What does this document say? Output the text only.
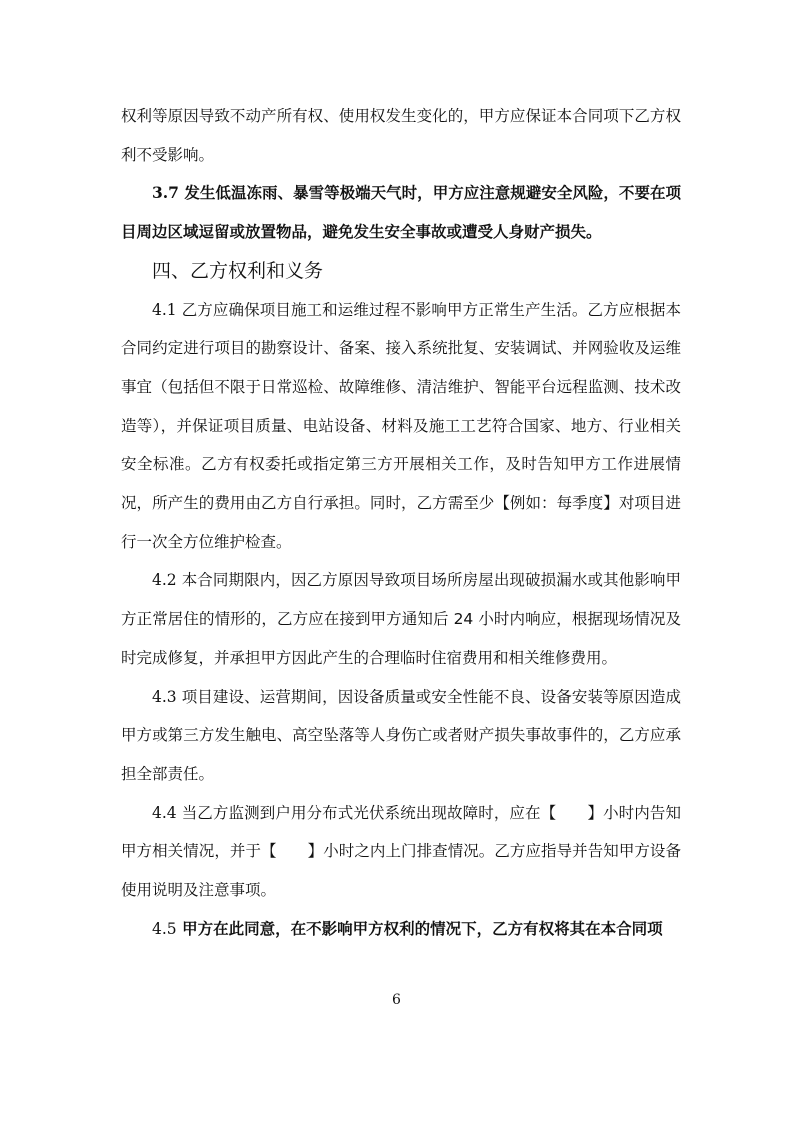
权利等原因导致不动产所有权、使用权发生变化的，甲方应保证本合同项下乙方权利不受影响。

3.7 发生低温冻雨、暴雪等极端天气时，甲方应注意规避安全风险，不要在项目周边区域逗留或放置物品，避免发生安全事故或遭受人身财产损失。

四、乙方权利和义务

4.1 乙方应确保项目施工和运维过程不影响甲方正常生产生活。乙方应根据本合同约定进行项目的勘察设计、备案、接入系统批复、安装调试、并网验收及运维事宜（包括但不限于日常巡检、故障维修、清洁维护、智能平台远程监测、技术改造等），并保证项目质量、电站设备、材料及施工工艺符合国家、地方、行业相关安全标准。乙方有权委托或指定第三方开展相关工作，及时告知甲方工作进展情况，所产生的费用由乙方自行承担。同时，乙方需至少【例如：每季度】对项目进行一次全方位维护检查。

4.2 本合同期限内，因乙方原因导致项目场所房屋出现破损漏水或其他影响甲方正常居住的情形的，乙方应在接到甲方通知后 24 小时内响应，根据现场情况及时完成修复，并承担甲方因此产生的合理临时住宿费用和相关维修费用。

4.3 项目建设、运营期间，因设备质量或安全性能不良、设备安装等原因造成甲方或第三方发生触电、高空坠落等人身伤亡或者财产损失事故事件的，乙方应承担全部责任。

4.4 当乙方监测到户用分布式光伏系统出现故障时，应在【　　】小时内告知甲方相关情况，并于【　　】小时之内上门排查情况。乙方应指导并告知甲方设备使用说明及注意事项。

4.5 甲方在此同意，在不影响甲方权利的情况下，乙方有权将其在本合同项

6
